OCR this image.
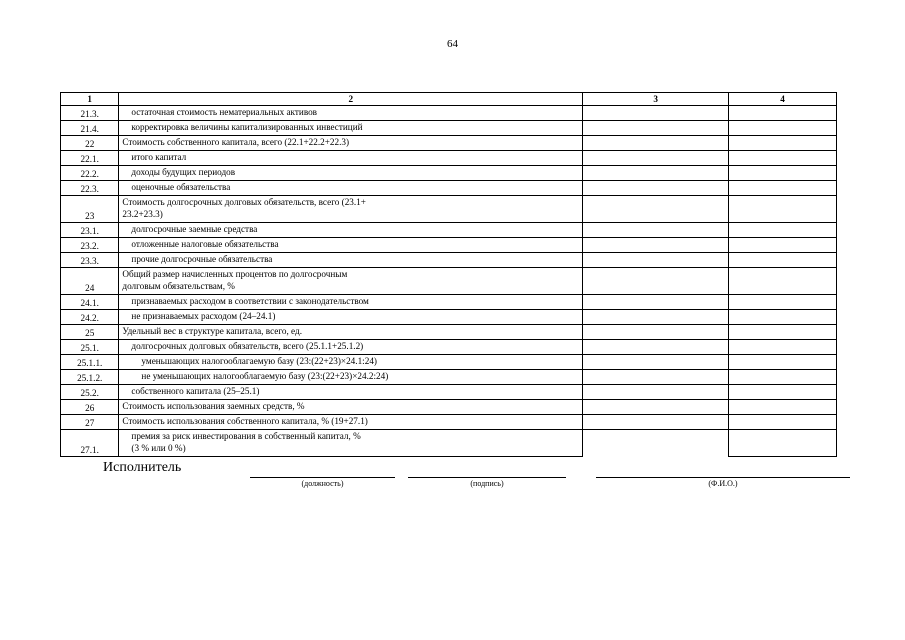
64
1	2	3	4
21.3.	остаточная стоимость нематериальных активов		
21.4.	корректировка величины капитализированных инвестиций		
22	Стоимость собственного капитала, всего (22.1+22.2+22.3)		
22.1.	итого капитал		
22.2.	доходы будущих периодов		
22.3.	оценочные обязательства		
23	Стоимость долгосрочных долговых обязательств, всего (23.1+
23.2+23.3)		
23.1.	долгосрочные заемные средства		
23.2.	отложенные налоговые обязательства		
23.3.	прочие долгосрочные обязательства		
24	Общий размер начисленных процентов по долгосрочным
долговым обязательствам, %		
24.1.	признаваемых расходом в соответствии с законодательством		
24.2.	не признаваемых расходом (24–24.1)		
25	Удельный вес в структуре капитала, всего, ед.		
25.1.	долгосрочных долговых обязательств, всего (25.1.1+25.1.2)		
25.1.1.	уменьшающих налогооблагаемую базу (23:(22+23)×24.1:24)		
25.1.2.	не уменьшающих налогооблагаемую базу (23:(22+23)×24.2:24)		
25.2.	собственного капитала (25–25.1)		
26	Стоимость использования заемных средств, %		
27	Стоимость использования собственного капитала, % (19+27.1)		
27.1.	премия за риск инвестирования в собственный капитал, %
(3 % или 0 %)		
Исполнитель
(должность)	(подпись)	(Ф.И.О.)
